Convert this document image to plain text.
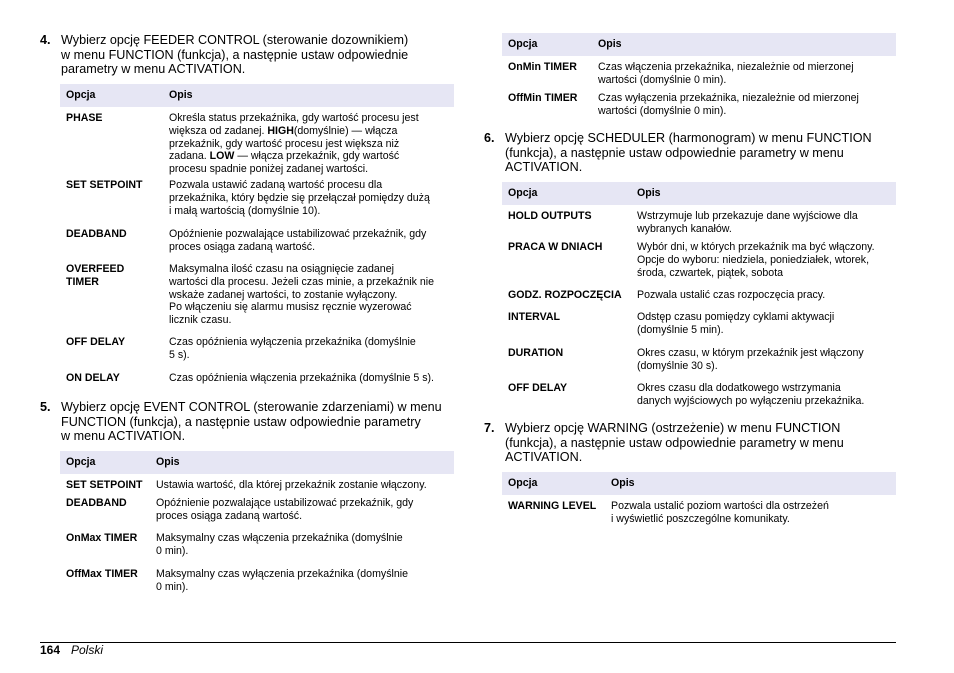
4. Wybierz opcję FEEDER CONTROL (sterowanie dozownikiem)
w menu FUNCTION (funkcja), a następnie ustaw odpowiednie
parametry w menu ACTIVATION.
Opcja	Opis
PHASE	Określa status przekaźnika, gdy wartość procesu jest
większa od zadanej. HIGH(domyślnie) — włącza
przekaźnik, gdy wartość procesu jest większa niż
zadana. LOW — włącza przekaźnik, gdy wartość
procesu spadnie poniżej zadanej wartości.
SET SETPOINT	Pozwala ustawić zadaną wartość procesu dla
przekaźnika, który będzie się przełączał pomiędzy dużą
i małą wartością (domyślnie 10).
DEADBAND	Opóźnienie pozwalające ustabilizować przekaźnik, gdy
proces osiąga zadaną wartość.
OVERFEED
TIMER	Maksymalna ilość czasu na osiągnięcie zadanej
wartości dla procesu. Jeżeli czas minie, a przekaźnik nie
wskaże zadanej wartości, to zostanie wyłączony.
Po włączeniu się alarmu musisz ręcznie wyzerować
licznik czasu.
OFF DELAY	Czas opóźnienia wyłączenia przekaźnika (domyślnie
5 s).
ON DELAY	Czas opóźnienia włączenia przekaźnika (domyślnie 5 s).
5. Wybierz opcję EVENT CONTROL (sterowanie zdarzeniami) w menu
FUNCTION (funkcja), a następnie ustaw odpowiednie parametry
w menu ACTIVATION.
Opcja	Opis
SET SETPOINT	Ustawia wartość, dla której przekaźnik zostanie włączony.
DEADBAND	Opóźnienie pozwalające ustabilizować przekaźnik, gdy
proces osiąga zadaną wartość.
OnMax TIMER	Maksymalny czas włączenia przekaźnika (domyślnie
0 min).
OffMax TIMER	Maksymalny czas wyłączenia przekaźnika (domyślnie
0 min).
Opcja	Opis
OnMin TIMER	Czas włączenia przekaźnika, niezależnie od mierzonej
wartości (domyślnie 0 min).
OffMin TIMER	Czas wyłączenia przekaźnika, niezależnie od mierzonej
wartości (domyślnie 0 min).
6. Wybierz opcję SCHEDULER (harmonogram) w menu FUNCTION
(funkcja), a następnie ustaw odpowiednie parametry w menu
ACTIVATION.
Opcja	Opis
HOLD OUTPUTS	Wstrzymuje lub przekazuje dane wyjściowe dla
wybranych kanałów.
PRACA W DNIACH	Wybór dni, w których przekaźnik ma być włączony.
Opcje do wyboru: niedziela, poniedziałek, wtorek,
środa, czwartek, piątek, sobota
GODZ. ROZPOCZĘCIA	Pozwala ustalić czas rozpoczęcia pracy.
INTERVAL	Odstęp czasu pomiędzy cyklami aktywacji
(domyślnie 5 min).
DURATION	Okres czasu, w którym przekaźnik jest włączony
(domyślnie 30 s).
OFF DELAY	Okres czasu dla dodatkowego wstrzymania
danych wyjściowych po wyłączeniu przekaźnika.
7. Wybierz opcję WARNING (ostrzeżenie) w menu FUNCTION
(funkcja), a następnie ustaw odpowiednie parametry w menu
ACTIVATION.
Opcja	Opis
WARNING LEVEL	Pozwala ustalić poziom wartości dla ostrzeżeń
i wyświetlić poszczególne komunikaty.
164 Polski
